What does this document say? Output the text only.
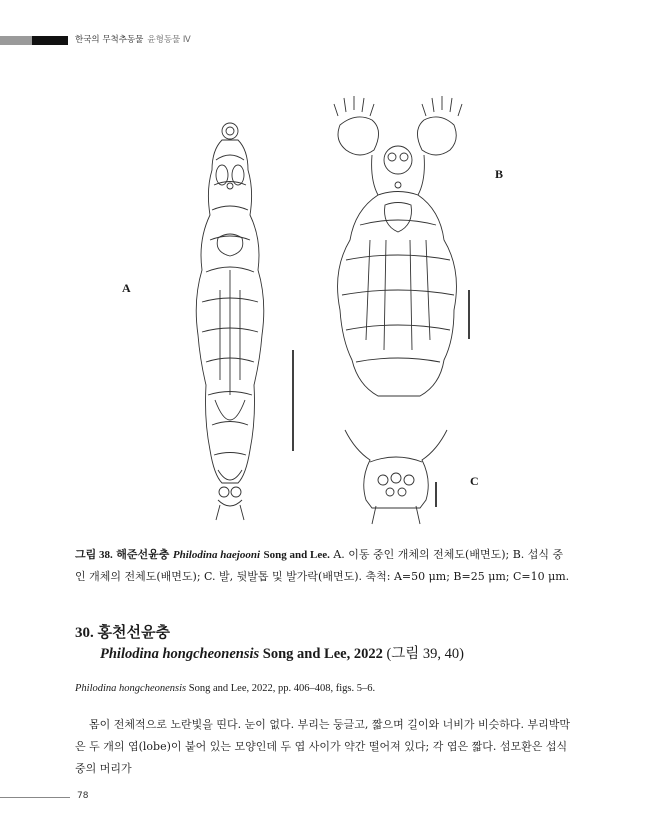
한국의 무척추동물 윤형동물 Ⅳ
A
B
C
그림 38. 해준선윤충 Philodina haejooni Song and Lee. A. 이동 중인 개체의 전체도(배면도); B. 섭식 중인 개체의 전체도(배면도); C. 발, 뒷발톱 및 발가락(배면도). 축척: A=50 μm; B=25 μm; C=10 μm.
30. 홍천선윤충
Philodina hongcheonensis Song and Lee, 2022 (그림 39, 40)
Philodina hongcheonensis Song and Lee, 2022, pp. 406–408, figs. 5–6.

몸이 전체적으로 노란빛을 띤다. 눈이 없다. 부리는 둥글고, 짧으며 길이와 너비가 비슷하다. 부리박막은 두 개의 엽(lobe)이 붙어 있는 모양인데 두 엽 사이가 약간 떨어져 있다; 각 엽은 짧다. 섬모환은 섭식 중의 머리가

78
